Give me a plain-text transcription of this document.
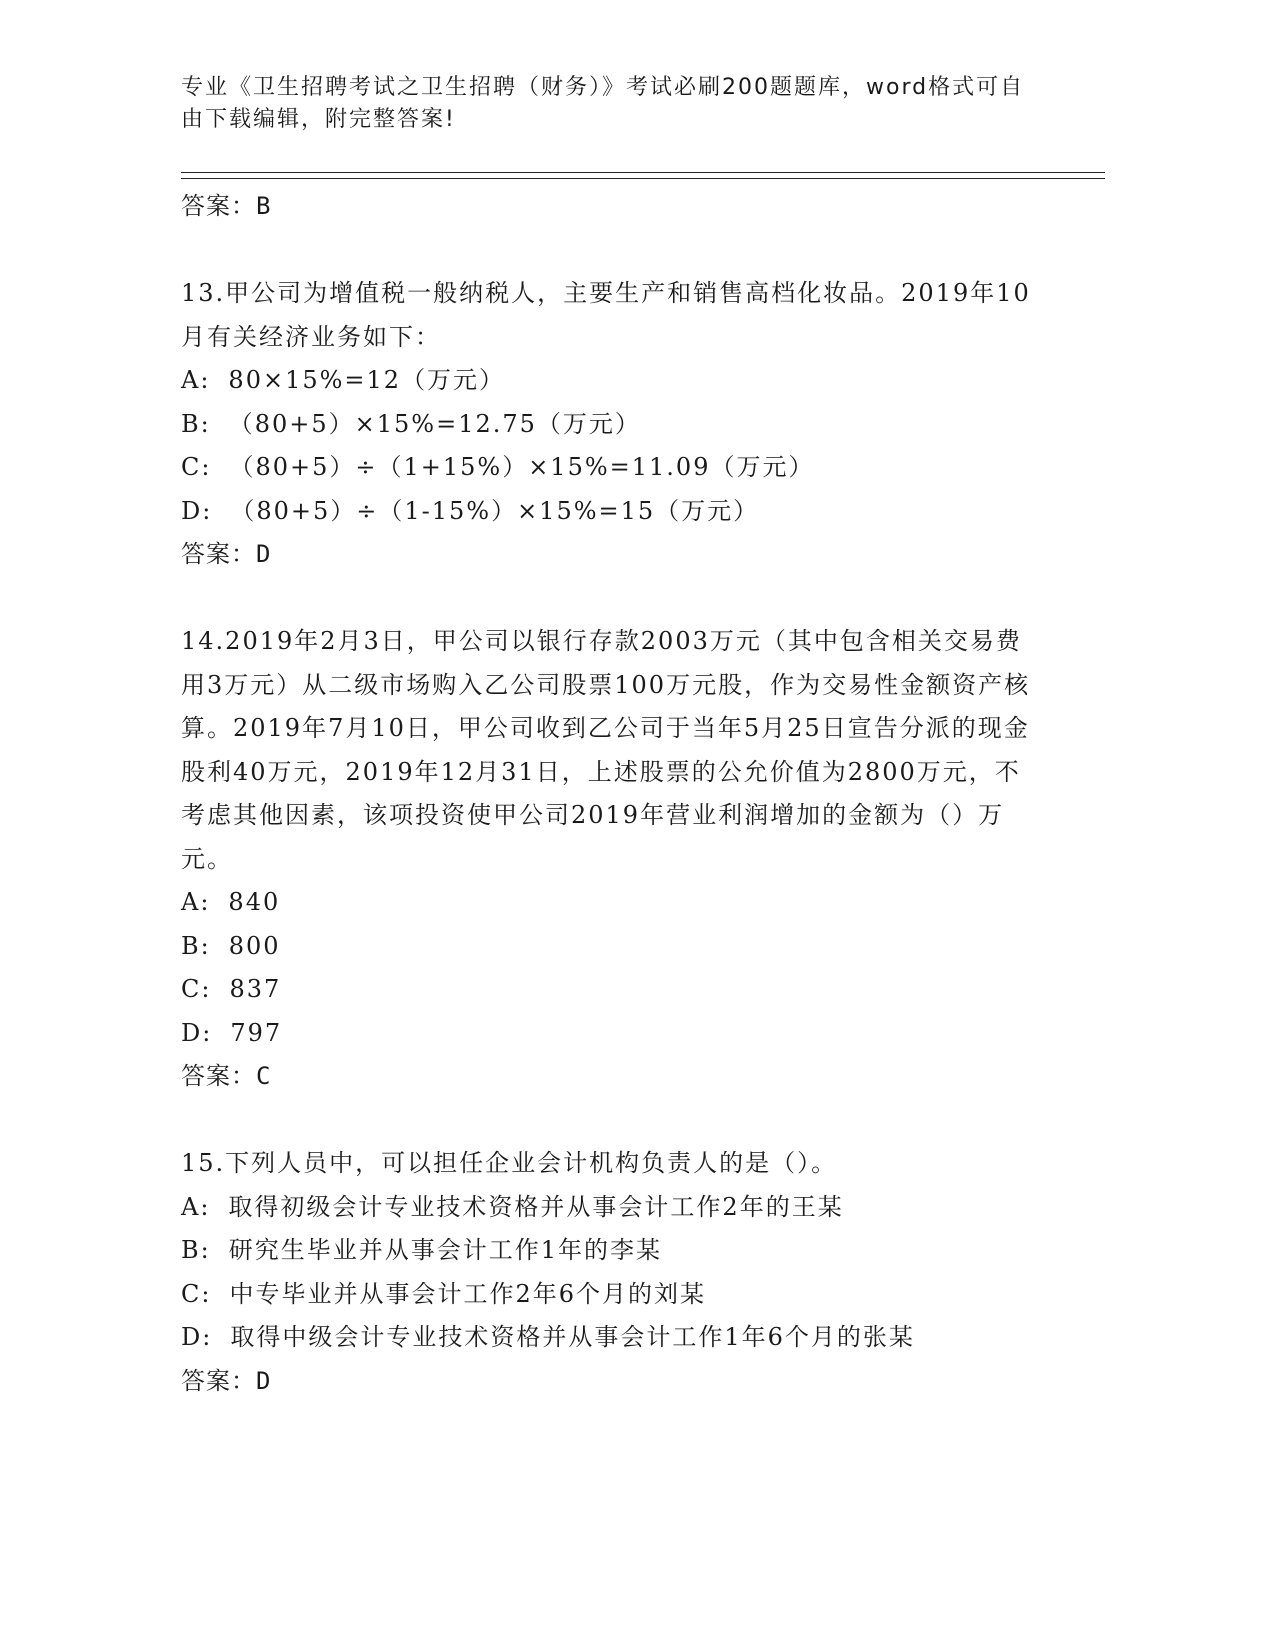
专业《卫生招聘考试之卫生招聘（财务）》考试必刷200题题库，word格式可自由下载编辑，附完整答案!
答案：B
13.甲公司为增值税一般纳税人，主要生产和销售高档化妆品。2019年10月有关经济业务如下：
A: 80×15%=12（万元）
B: （80+5）×15%=12.75（万元）
C: （80+5）÷（1+15%）×15%=11.09（万元）
D: （80+5）÷（1-15%）×15%=15（万元）
答案：D
14.2019年2月3日，甲公司以银行存款2003万元（其中包含相关交易费用3万元）从二级市场购入乙公司股票100万元股，作为交易性金额资产核算。2019年7月10日，甲公司收到乙公司于当年5月25日宣告分派的现金股利40万元，2019年12月31日，上述股票的公允价值为2800万元，不考虑其他因素，该项投资使甲公司2019年营业利润增加的金额为（）万元。
A: 840
B: 800
C: 837
D: 797
答案：C
15.下列人员中，可以担任企业会计机构负责人的是（）。
A: 取得初级会计专业技术资格并从事会计工作2年的王某
B: 研究生毕业并从事会计工作1年的李某
C: 中专毕业并从事会计工作2年6个月的刘某
D: 取得中级会计专业技术资格并从事会计工作1年6个月的张某
答案：D
